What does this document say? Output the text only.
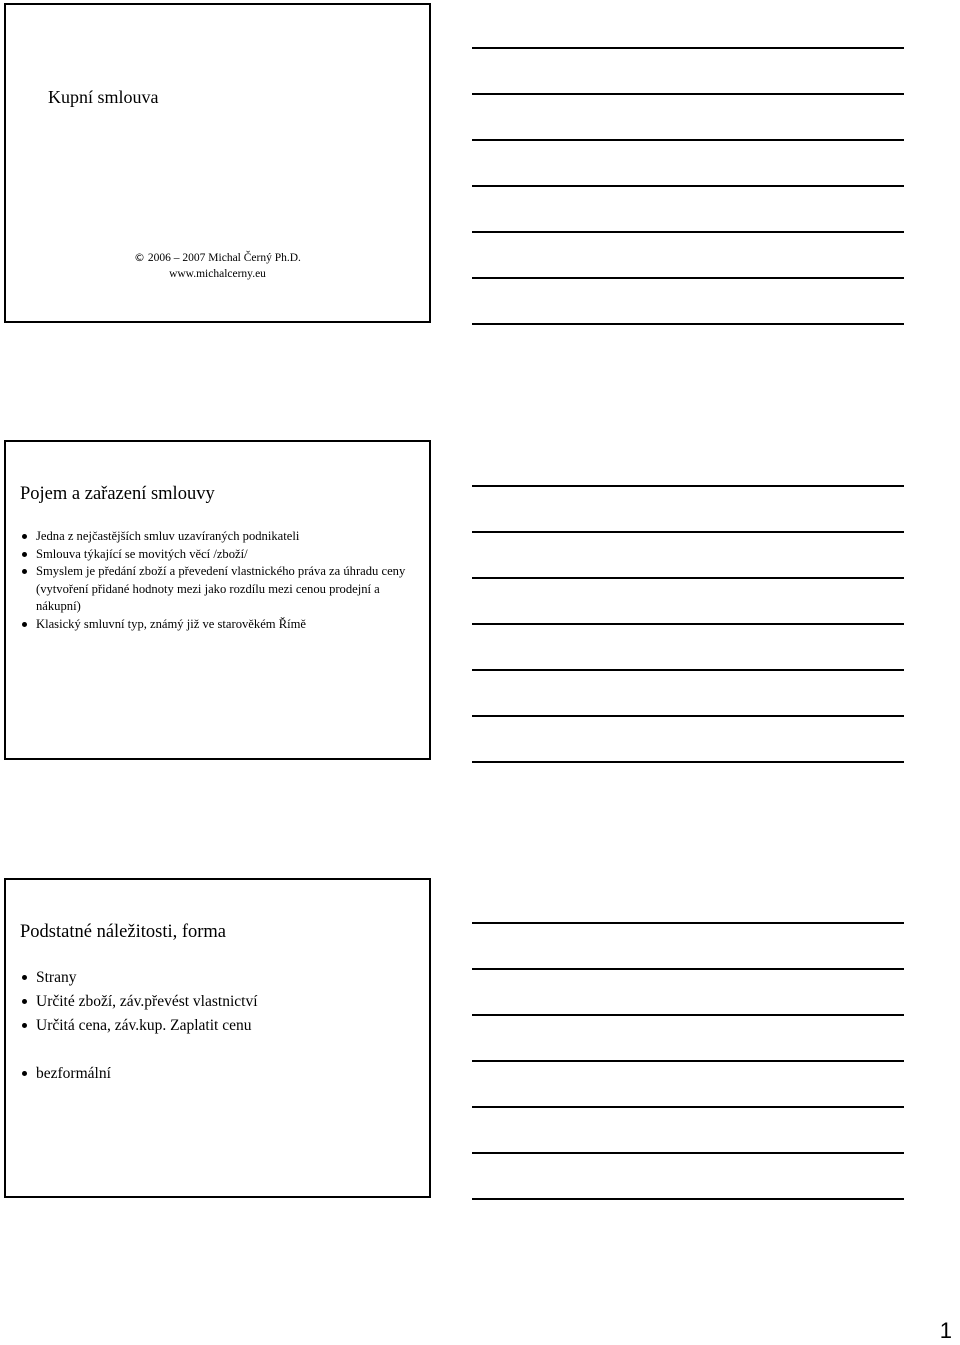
Kupní smlouva
© 2006 – 2007 Michal Černý Ph.D.
www.michalcerny.eu
Pojem a zařazení smlouvy
Jedna z nejčastějších smluv uzavíraných podnikateli
Smlouva týkající se movitých věcí /zboží/
Smyslem je předání zboží a převedení vlastnického práva za úhradu ceny (vytvoření přidané hodnoty mezi jako rozdílu mezi cenou prodejní a nákupní)
Klasický smluvní typ, známý již ve starověkém Římě
Podstatné náležitosti, forma
Strany
Určité zboží, záv.převést vlastnictví
Určitá cena, záv.kup. Zaplatit cenu
bezformální
1
